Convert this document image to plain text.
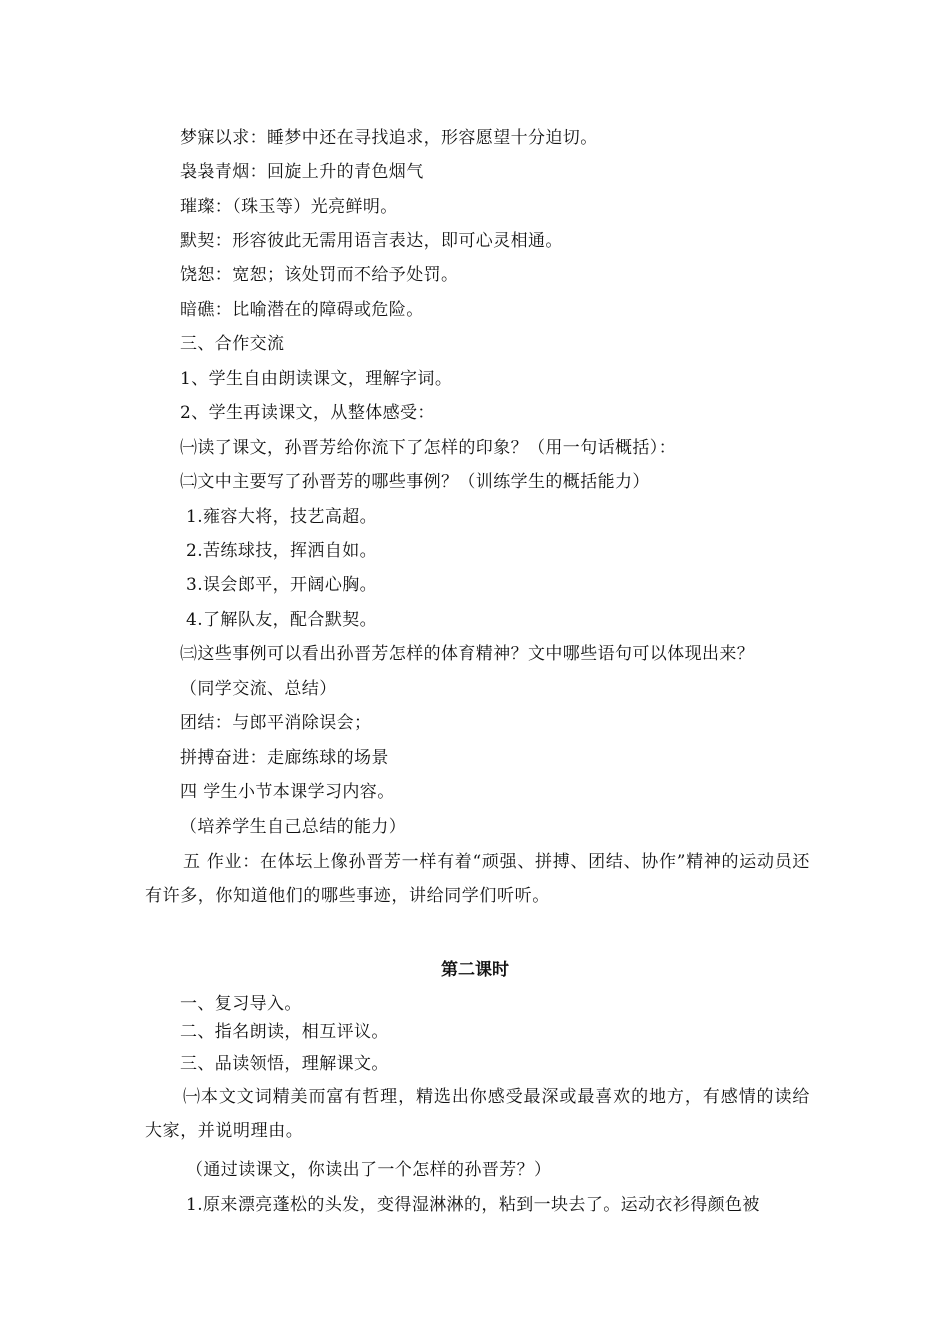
梦寐以求：睡梦中还在寻找追求，形容愿望十分迫切。
袅袅青烟：回旋上升的青色烟气
璀璨：（珠玉等）光亮鲜明。
默契：形容彼此无需用语言表达，即可心灵相通。
饶恕：宽恕；该处罚而不给予处罚。
暗礁：比喻潜在的障碍或危险。
三、合作交流
1、学生自由朗读课文，理解字词。
2、学生再读课文，从整体感受：
㈠读了课文，孙晋芳给你流下了怎样的印象？（用一句话概括）：
㈡文中主要写了孙晋芳的哪些事例？（训练学生的概括能力）
1.雍容大将，技艺高超。
2.苦练球技，挥洒自如。
3.误会郎平，开阔心胸。
4.了解队友，配合默契。
㈢这些事例可以看出孙晋芳怎样的体育精神？文中哪些语句可以体现出来？
（同学交流、总结）
团结：与郎平消除误会；
拼搏奋进：走廊练球的场景
四 学生小节本课学习内容。
（培养学生自己总结的能力）
五 作业：在体坛上像孙晋芳一样有着“顽强、拼搏、团结、协作”精神的运动员还有许多，你知道他们的哪些事迹，讲给同学们听听。
第二课时
一、复习导入。
二、指名朗读，相互评议。
三、品读领悟，理解课文。
㈠本文文词精美而富有哲理，精选出你感受最深或最喜欢的地方，有感情的读给大家，并说明理由。
（通过读课文，你读出了一个怎样的孙晋芳？）
1.原来漂亮蓬松的头发，变得湿淋淋的，粘到一块去了。运动衣衫得颜色被
